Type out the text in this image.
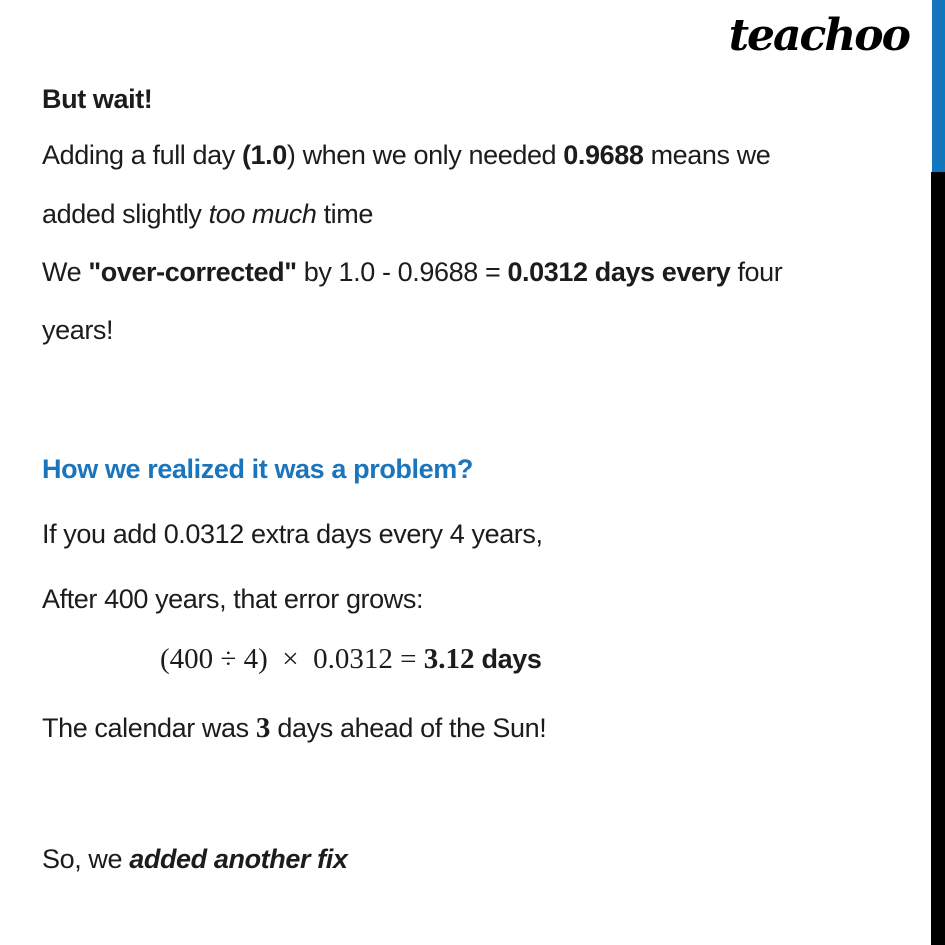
teachoo
But wait!
Adding a full day (1.0) when we only needed 0.9688 means we
added slightly too much time
We "over-corrected" by 1.0 - 0.9688 = 0.0312 days every four
years!
How we realized it was a problem?
If you add 0.0312 extra days every 4 years,
After 400 years, that error grows:
(400 ÷ 4)  ×  0.0312 = 3.12 days
The calendar was 3 days ahead of the Sun!
So, we added another fix
